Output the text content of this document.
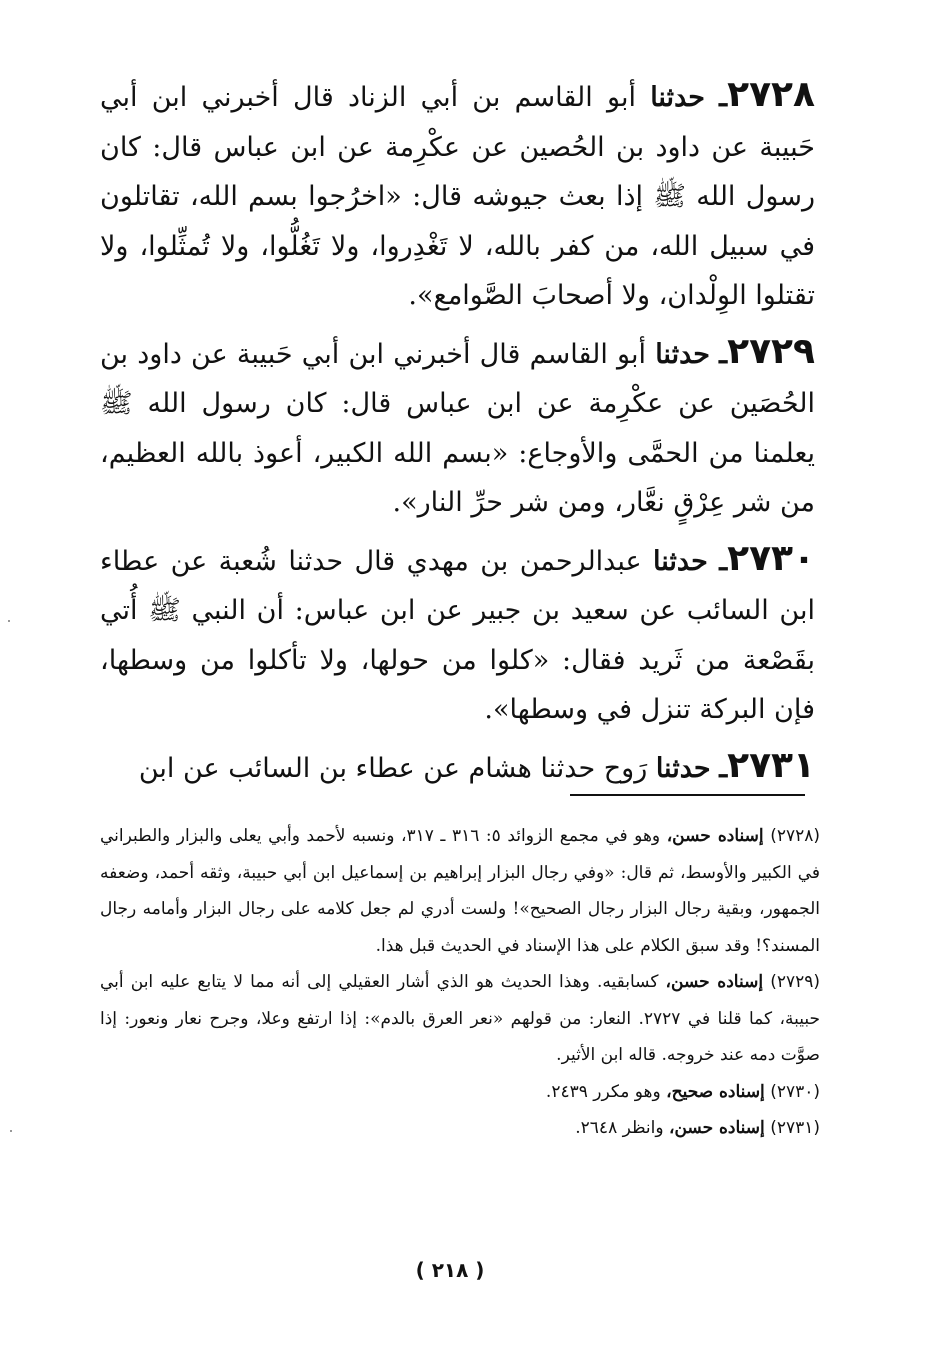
٢٧٢٨ـ حدثنا أبو القاسم بن أبي الزناد قال أخبرني ابن أبي حَبيبة عن داود بن الحُصين عن عكْرِمة عن ابن عباس قال: كان رسول الله ﷺ إذا بعث جيوشه قال: «اخرُجوا بسم الله، تقاتلون في سبيل الله، من كفر بالله، لا تَغْدِروا، ولا تَغُلُّوا، ولا تُمثِّلوا، ولا تقتلوا الوِلْدان، ولا أصحابَ الصَّوامع».

٢٧٢٩ـ حدثنا أبو القاسم قال أخبرني ابن أبي حَبيبة عن داود بن الحُصَين عن عكْرِمة عن ابن عباس قال: كان رسول الله ﷺ يعلمنا من الحمَّى والأوجاع: «بسم الله الكبير، أعوذ بالله العظيم، من شر عِرْقٍ نعَّار، ومن شر حرِّ النار».

٢٧٣٠ـ حدثنا عبدالرحمن بن مهدي قال حدثنا شُعبة عن عطاء ابن السائب عن سعيد بن جبير عن ابن عباس: أن النبي ﷺ أُتي بقَصْعة من ثَريد فقال: «كلوا من حولها، ولا تأكلوا من وسطها، فإن البركة تنزل في وسطها».

٢٧٣١ـ حدثنا رَوح حدثنا هشام عن عطاء بن السائب عن ابن

(٢٧٢٨) إسناده حسن، وهو في مجمع الزوائد ٥: ٣١٦ ـ ٣١٧، ونسبه لأحمد وأبي يعلى والبزار والطبراني في الكبير والأوسط، ثم قال: «وفي رجال البزار إبراهيم بن إسماعيل ابن أبي حبيبة، وثقه أحمد، وضعفه الجمهور، وبقية رجال البزار رجال الصحيح»! ولست أدري لم جعل كلامه على رجال البزار وأمامه رجال المسند؟! وقد سبق الكلام على هذا الإسناد في الحديث قبل هذا.

(٢٧٢٩) إسناده حسن، كسابقيه. وهذا الحديث هو الذي أشار العقيلي إلى أنه مما لا يتابع عليه ابن أبي حبيبة، كما قلنا في ٢٧٢٧. النعار: من قولهم «نعر العرق بالدم»: إذا ارتفع وعلا، وجرح نعار ونعور: إذا صوَّت دمه عند خروجه. قاله ابن الأثير.

(٢٧٣٠) إسناده صحيح، وهو مكرر ٢٤٣٩.

(٢٧٣١) إسناده حسن، وانظر ٢٦٤٨.

( ٢١٨ )
